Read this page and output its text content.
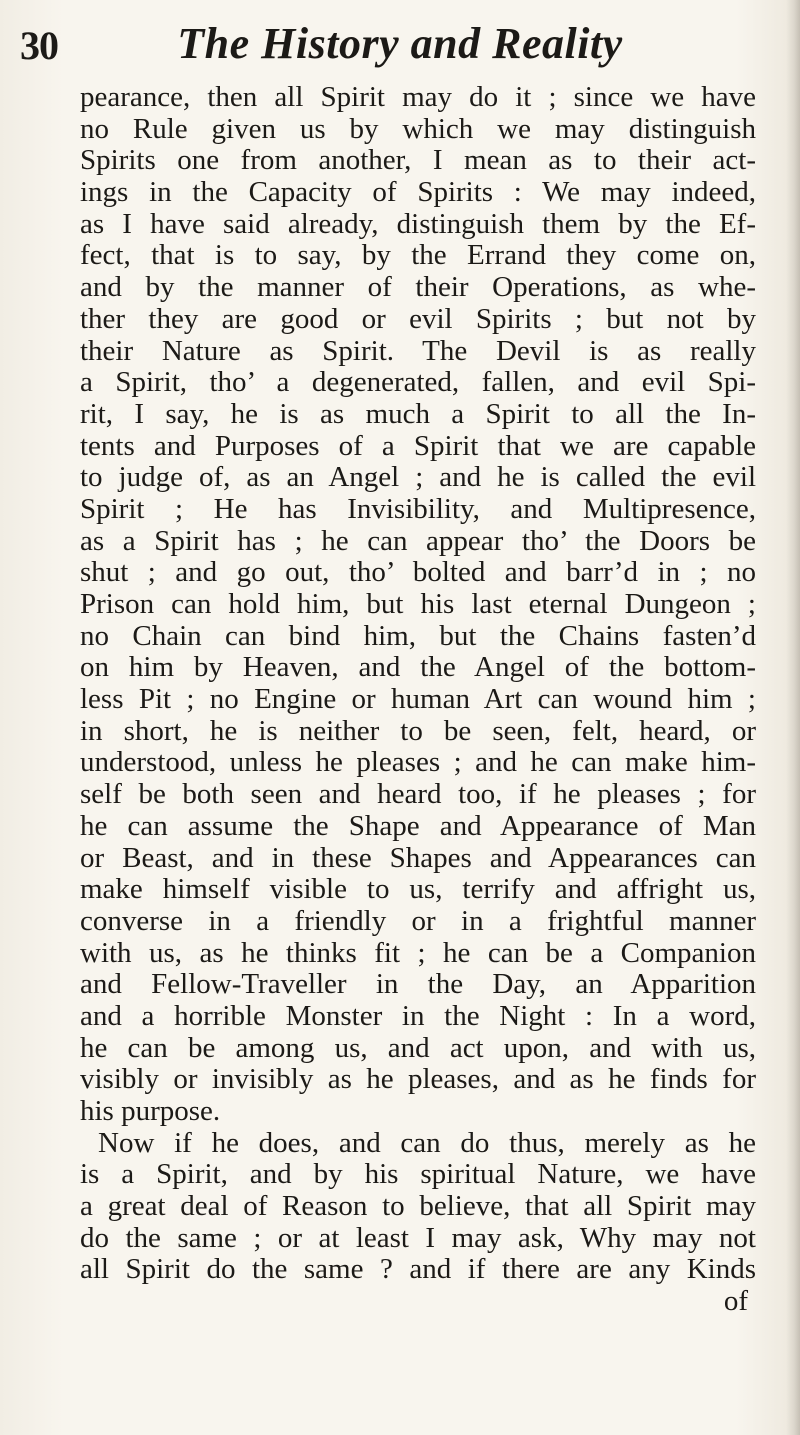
30	The History and Reality
pearance, then all Spirit may do it ; since we have
no Rule given us by which we may distinguish
Spirits one from another, I mean as to their act-
ings in the Capacity of Spirits : We may indeed,
as I have said already, distinguish them by the Ef-
fect, that is to say, by the Errand they come on,
and by the manner of their Operations, as whe-
ther they are good or evil Spirits ; but not by
their Nature as Spirit. The Devil is as really
a Spirit, tho’ a degenerated, fallen, and evil Spi-
rit, I say, he is as much a Spirit to all the In-
tents and Purposes of a Spirit that we are capable
to judge of, as an Angel ; and he is called the evil
Spirit ; He has Invisibility, and Multipresence,
as a Spirit has ; he can appear tho’ the Doors be
shut ; and go out, tho’ bolted and barr’d in ; no
Prison can hold him, but his last eternal Dungeon ;
no Chain can bind him, but the Chains fasten’d
on him by Heaven, and the Angel of the bottom-
less Pit ; no Engine or human Art can wound him ;
in short, he is neither to be seen, felt, heard, or
understood, unless he pleases ; and he can make him-
self be both seen and heard too, if he pleases ; for
he can assume the Shape and Appearance of Man
or Beast, and in these Shapes and Appearances can
make himself visible to us, terrify and affright us,
converse in a friendly or in a frightful manner
with us, as he thinks fit ; he can be a Companion
and Fellow-Traveller in the Day, an Apparition
and a horrible Monster in the Night : In a word,
he can be among us, and act upon, and with us,
visibly or invisibly as he pleases, and as he finds for
his purpose.
Now if he does, and can do thus, merely as he
is a Spirit, and by his spiritual Nature, we have
a great deal of Reason to believe, that all Spirit may
do the same ; or at least I may ask, Why may not
all Spirit do the same ? and if there are any Kinds
of
